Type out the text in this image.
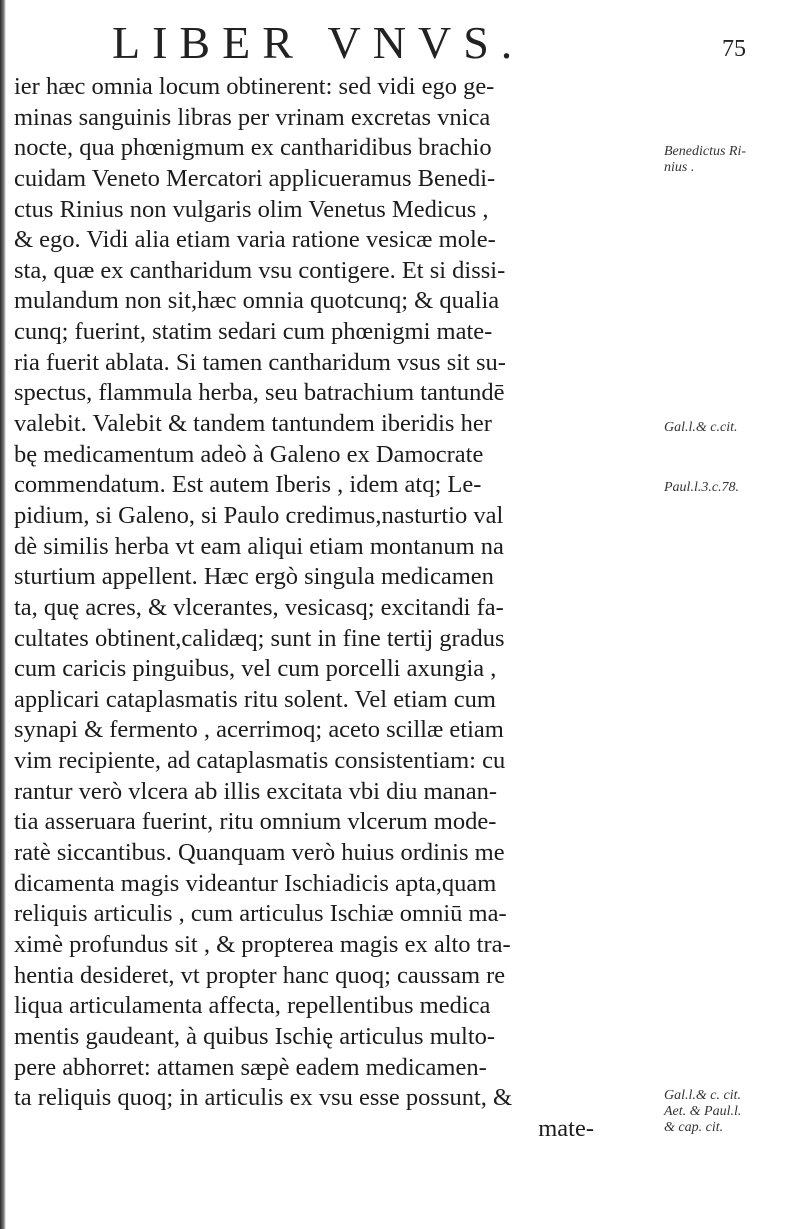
LIBER VNVS.	75
ier hæc omnia locum obtinerent: sed vidi ego ge-
minas sanguinis libras per vrinam excretas vnica
nocte, qua phœnigmum ex cantharidibus brachio
cuidam Veneto Mercatori applicueramus Benedi-
ctus Rinius non vulgaris olim Venetus Medicus ,
& ego. Vidi alia etiam varia ratione vesicæ mole-
sta, quæ ex cantharidum vsu contigere. Et si dissi-
mulandum non sit,hæc omnia quotcunq; & qualia
cunq; fuerint, statim sedari cum phœnigmi mate-
ria fuerit ablata. Si tamen cantharidum vsus sit su-
spectus, flammula herba, seu batrachium tantundē
valebit. Valebit & tandem tantundem iberidis her
bę medicamentum adeò à Galeno ex Damocrate
commendatum. Est autem Iberis , idem atq; Le-
pidium, si Galeno, si Paulo credimus,nasturtio val
dè similis herba vt eam aliqui etiam montanum na
sturtium appellent. Hæc ergò singula medicamen
ta, quę acres, & vlcerantes, vesicasq; excitandi fa-
cultates obtinent,calidæq; sunt in fine tertij gradus
cum caricis pinguibus, vel cum porcelli axungia ,
applicari cataplasmatis ritu solent. Vel etiam cum
synapi & fermento , acerrimoq; aceto scillæ etiam
vim recipiente, ad cataplasmatis consistentiam: cu
rantur verò vlcera ab illis excitata vbi diu manan-
tia asseruara fuerint, ritu omnium vlcerum mode-
ratè siccantibus. Quanquam verò huius ordinis me
dicamenta magis videantur Ischiadicis apta,quam
reliquis articulis , cum articulus Ischiæ omniū ma-
ximè profundus sit , & propterea magis ex alto tra-
hentia desideret, vt propter hanc quoq; caussam re
liqua articulamenta affecta, repellentibus medica
mentis gaudeant, à quibus Ischię articulus multo-
pere abhorret: attamen sæpè eadem medicamen-
ta reliquis quoq; in articulis ex vsu esse possunt, &
mate-
Benedictus Ri-
nius .
Gal.l.& c.cit.
Paul.l.3.c.78.
Gal.l.& c. cit.
Aet. & Paul.l.
& cap. cit.
